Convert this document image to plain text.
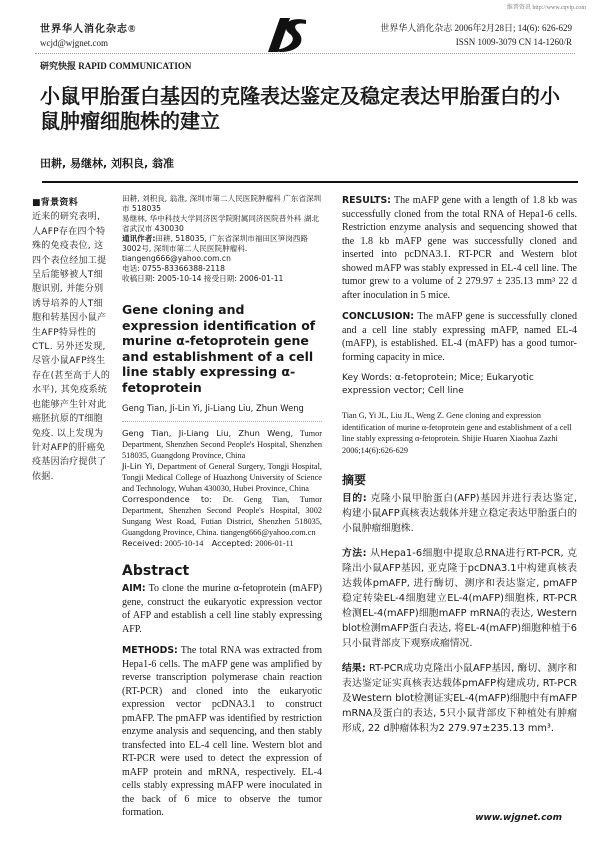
维普资讯 http://www.cqvip.com
世界华人消化杂志®
wcjd@wjgnet.com
世界华人消化杂志 2006年2月28日; 14(6): 626-629
ISSN 1009-3079 CN 14-1260/R
研究快报 RAPID COMMUNICATION
小鼠甲胎蛋白基因的克隆表达鉴定及稳定表达甲胎蛋白的小鼠肿瘤细胞株的建立
田耕, 易继林, 刘积良, 翁准
■背景资料
近来的研究表明, 人AFP存在四个特殊的免疫表位, 这四个表位经加工提呈后能够被人T细胞识别, 并能分别诱导培养的人T细胞和转基因小鼠产生AFP特异性的CTL. 另外还发现, 尽管小鼠AFP终生存在(甚至高于人的水平), 其免疫系统也能够产生针对此癌胚抗原的T细胞免疫. 以上发现为针对AFP的肝癌免疫基因治疗提供了依据.
田耕, 刘积良, 翁准, 深圳市第二人民医院肿瘤科 广东省深圳市 518035
易继林, 华中科技大学同济医学院附属同济医院普外科 湖北省武汉市 430030
通讯作者:田耕, 518035, 广东省深圳市福田区笋岗西路3002号, 深圳市第二人民医院肿瘤科. tiangeng666@yahoo.com.cn
电话: 0755-83366388-2118
收稿日期: 2005-10-14 接受日期: 2006-01-11
Gene cloning and expression identification of murine α-fetoprotein gene and establishment of a cell line stably expressing α-fetoprotein
Geng Tian, Ji-Lin Yi, Ji-Liang Liu, Zhun Weng
Geng Tian, Ji-Liang Liu, Zhun Weng, Tumor Department, Shenzhen Second People's Hospital, Shenzhen 518035, Guangdong Province, China
Ji-Lin Yi, Department of General Surgery, Tongji Hospital, Tongji Medical College of Huazhong University of Science and Technology, Wuhan 430030, Hubei Province, China
Correspondence to: Dr. Geng Tian, Tumor Department, Shenzhen Second People's Hospital, 3002 Sungang West Road, Futian District, Shenzhen 518035, Guangdong Province, China. tiangeng666@yahoo.com.cn
Received: 2005-10-14 Accepted: 2006-01-11
Abstract

AIM: To clone the murine α-fetoprotein (mAFP) gene, construct the eukaryotic expression vector of AFP and establish a cell line stably expressing AFP.

METHODS: The total RNA was extracted from Hepa1-6 cells. The mAFP gene was amplified by reverse transcription polymerase chain reaction (RT-PCR) and cloned into the eukaryotic expression vector pcDNA3.1 to construct pmAFP. The pmAFP was identified by restriction enzyme analysis and sequencing, and then stably transfected into EL-4 cell line. Western blot and RT-PCR were used to detect the expression of mAFP protein and mRNA, respectively. EL-4 cells stably expressing mAFP were inoculated in the back of 6 mice to observe the tumor formation.

RESULTS: The mAFP gene with a length of 1.8 kb was successfully cloned from the total RNA of Hepa1-6 cells. Restriction enzyme analysis and sequencing showed that the 1.8 kb mAFP gene was successfully cloned and inserted into pcDNA3.1. RT-PCR and Western blot showed mAFP was stably expressed in EL-4 cell line. The tumor grew to a volume of 2 279.97 ± 235.13 mm³ 22 d after inoculation in 5 mice.

CONCLUSION: The mAFP gene is successfully cloned and a cell line stably expressing mAFP, named EL-4 (mAFP), is established. EL-4 (mAFP) has a good tumor-forming capacity in mice.

Key Words: α-fetoprotein; Mice; Eukaryotic expression vector; Cell line
Tian G, Yi JL, Liu JL, Weng Z. Gene cloning and expression identification of murine α-fetoprotein gene and establishment of a cell line stably expressing α-fetoprotein. Shijie Huaren Xiaohua Zazhi 2006;14(6):626-629
摘要

目的: 克隆小鼠甲胎蛋白(AFP)基因并进行表达鉴定, 构建小鼠AFP真核表达载体并建立稳定表达甲胎蛋白的小鼠肿瘤细胞株.

方法: 从Hepa1-6细胞中提取总RNA进行RT-PCR, 克隆出小鼠AFP基因, 亚克隆于pcDNA3.1中构建真核表达载体pmAFP, 进行酶切、测序和表达鉴定, pmAFP稳定转染EL-4细胞建立EL-4(mAFP)细胞株, RT-PCR检测EL-4(mAFP)细胞mAFP mRNA的表达, Western blot检测mAFP蛋白表达, 将EL-4(mAFP)细胞种植于6只小鼠背部皮下观察成瘤情况.

结果: RT-PCR成功克隆出小鼠AFP基因, 酶切、测序和表达鉴定证实真核表达载体pmAFP构建成功, RT-PCR及Western blot检测证实EL-4(mAFP)细胞中有mAFP mRNA及蛋白的表达, 5只小鼠背部皮下种植处有肿瘤形成, 22 d肿瘤体积为2 279.97±235.13 mm³.

www.wjgnet.com
